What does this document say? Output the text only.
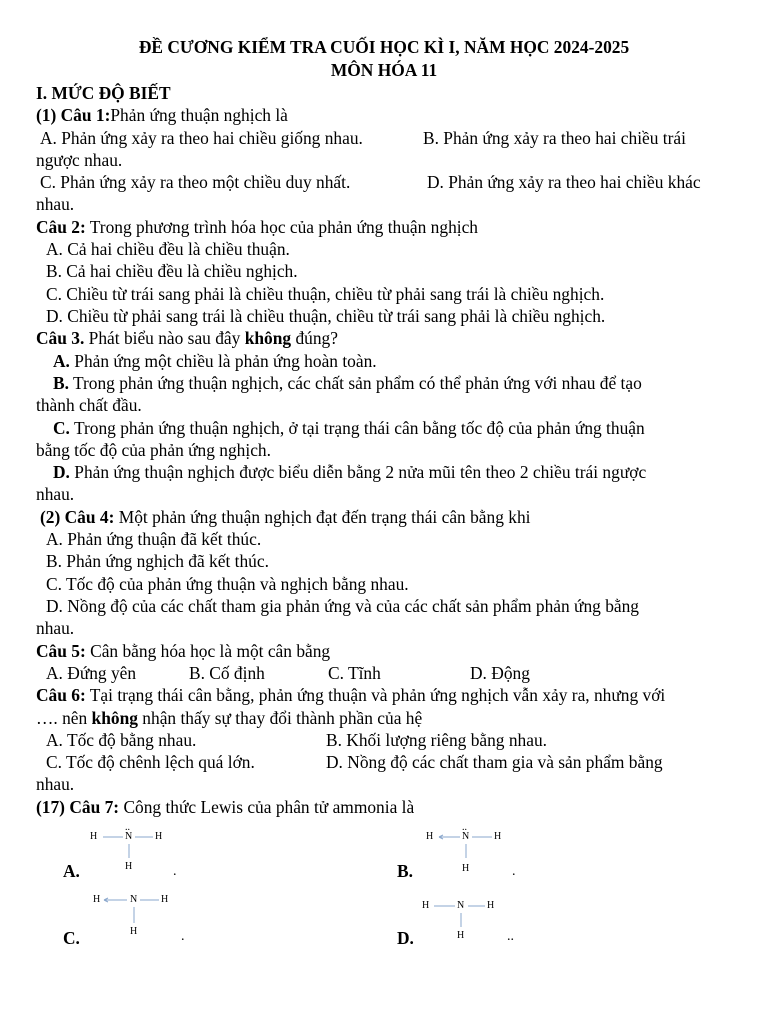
ĐỀ CƯƠNG KIỂM TRA CUỐI HỌC KÌ I, NĂM HỌC 2024-2025
MÔN HÓA 11
I. MỨC ĐỘ BIẾT
(1) Câu 1:Phản ứng thuận nghịch là
A. Phản ứng xảy ra theo hai chiều giống nhau.	B. Phản ứng xảy ra theo hai chiều trái
ngược nhau.
C. Phản ứng xảy ra theo một chiều duy nhất.	D. Phản ứng xảy ra theo hai chiều khác
nhau.
Câu 2: Trong phương trình hóa học của phản ứng thuận nghịch
A. Cả hai chiều đều là chiều thuận.
B. Cả hai chiều đều là chiều nghịch.
C. Chiều từ trái sang phải là chiều thuận, chiều từ phải sang trái là chiều nghịch.
D. Chiều từ phải sang trái là chiều thuận, chiều từ trái sang phải là chiều nghịch.
Câu 3. Phát biểu nào sau đây không đúng?
A. Phản ứng một chiều là phản ứng hoàn toàn.
B. Trong phản ứng thuận nghịch, các chất sản phẩm có thể phản ứng với nhau để tạo
thành chất đầu.
C. Trong phản ứng thuận nghịch, ở tại trạng thái cân bằng tốc độ của phản ứng thuận
bằng tốc độ của phản ứng nghịch.
D. Phản ứng thuận nghịch được biểu diễn bằng 2 nửa mũi tên theo 2 chiều trái ngược
nhau.
(2) Câu 4: Một phản ứng thuận nghịch đạt đến trạng thái cân bằng khi
A. Phản ứng thuận đã kết thúc.
B. Phản ứng nghịch đã kết thúc.
C. Tốc độ của phản ứng thuận và nghịch bằng nhau.
D. Nồng độ của các chất tham gia phản ứng và của các chất sản phẩm phản ứng bằng
nhau.
Câu 5: Cân bằng hóa học là một cân bằng
A. Đứng yên	B. Cố định	C. Tĩnh	D. Động
Câu 6: Tại trạng thái cân bằng, phản ứng thuận và phản ứng nghịch vẫn xảy ra, nhưng với
…. nên không nhận thấy sự thay đổi thành phần của hệ
A. Tốc độ bằng nhau.	B. Khối lượng riêng bằng nhau.
C. Tốc độ chênh lệch quá lớn.	D. Nồng độ các chất tham gia và sản phẩm bằng
nhau.
(17) Câu 7: Công thức Lewis của phân tử ammonia là
..
H	N H
H	.
A.
..
H	N H
H	.
B.
H	N H
H	.
C.
H	N H
H	..
D.
